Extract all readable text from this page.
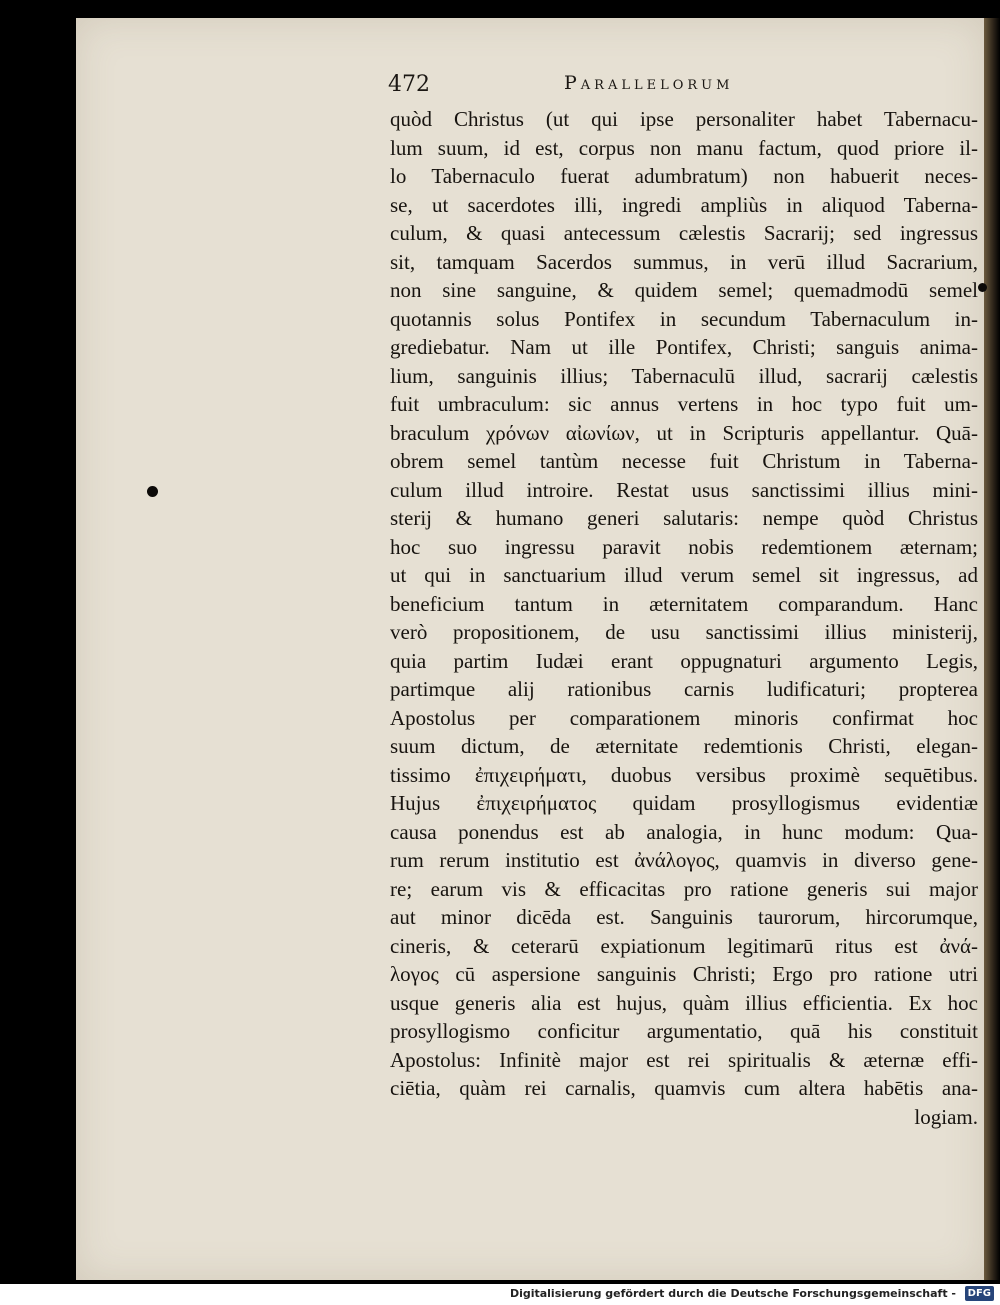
472	Parallelorum
quòd Christus (ut qui ipse personaliter habet Tabernacu-
lum suum, id est, corpus non manu factum, quod priore il-
lo Tabernaculo fuerat adumbratum) non habuerit neces-
se, ut sacerdotes illi, ingredi ampliùs in aliquod Taberna-
culum, & quasi antecessum cælestis Sacrarij; sed ingressus
sit, tamquam Sacerdos summus, in verū illud Sacrarium,
non sine sanguine, & quidem semel; quemadmodū semel
quotannis solus Pontifex in secundum Tabernaculum in-
grediebatur. Nam ut ille Pontifex, Christi; sanguis anima-
lium, sanguinis illius; Tabernaculū illud, sacrarij cælestis
fuit umbraculum: sic annus vertens in hoc typo fuit um-
braculum χρόνων αἰωνίων, ut in Scripturis appellantur. Quā-
obrem semel tantùm necesse fuit Christum in Taberna-
culum illud introire. Restat usus sanctissimi illius mini-
sterij & humano generi salutaris: nempe quòd Christus
hoc suo ingressu paravit nobis redemtionem æternam;
ut qui in sanctuarium illud verum semel sit ingressus, ad
beneficium tantum in æternitatem comparandum. Hanc
verò propositionem, de usu sanctissimi illius ministerij,
quia partim Iudæi erant oppugnaturi argumento Legis,
partimque alij rationibus carnis ludificaturi; propterea
Apostolus per comparationem minoris confirmat hoc
suum dictum, de æternitate redemtionis Christi, elegan-
tissimo ἐπιχειρήματι, duobus versibus proximè sequētibus.
Hujus ἐπιχειρήματος quidam prosyllogismus evidentiæ
causa ponendus est ab analogia, in hunc modum: Qua-
rum rerum institutio est ἀνάλογος, quamvis in diverso gene-
re; earum vis & efficacitas pro ratione generis sui major
aut minor dicēda est. Sanguinis taurorum, hircorumque,
cineris, & ceterarū expiationum legitimarū ritus est ἀνά-
λογος cū aspersione sanguinis Christi; Ergo pro ratione utri
usque generis alia est hujus, quàm illius efficientia. Ex hoc
prosyllogismo conficitur argumentatio, quā his constituit
Apostolus: Infinitè major est rei spiritualis & æternæ effi-
ciētia, quàm rei carnalis, quamvis cum altera habētis ana-
logiam.
Digitalisierung gefördert durch die Deutsche Forschungsgemeinschaft -	DFG
